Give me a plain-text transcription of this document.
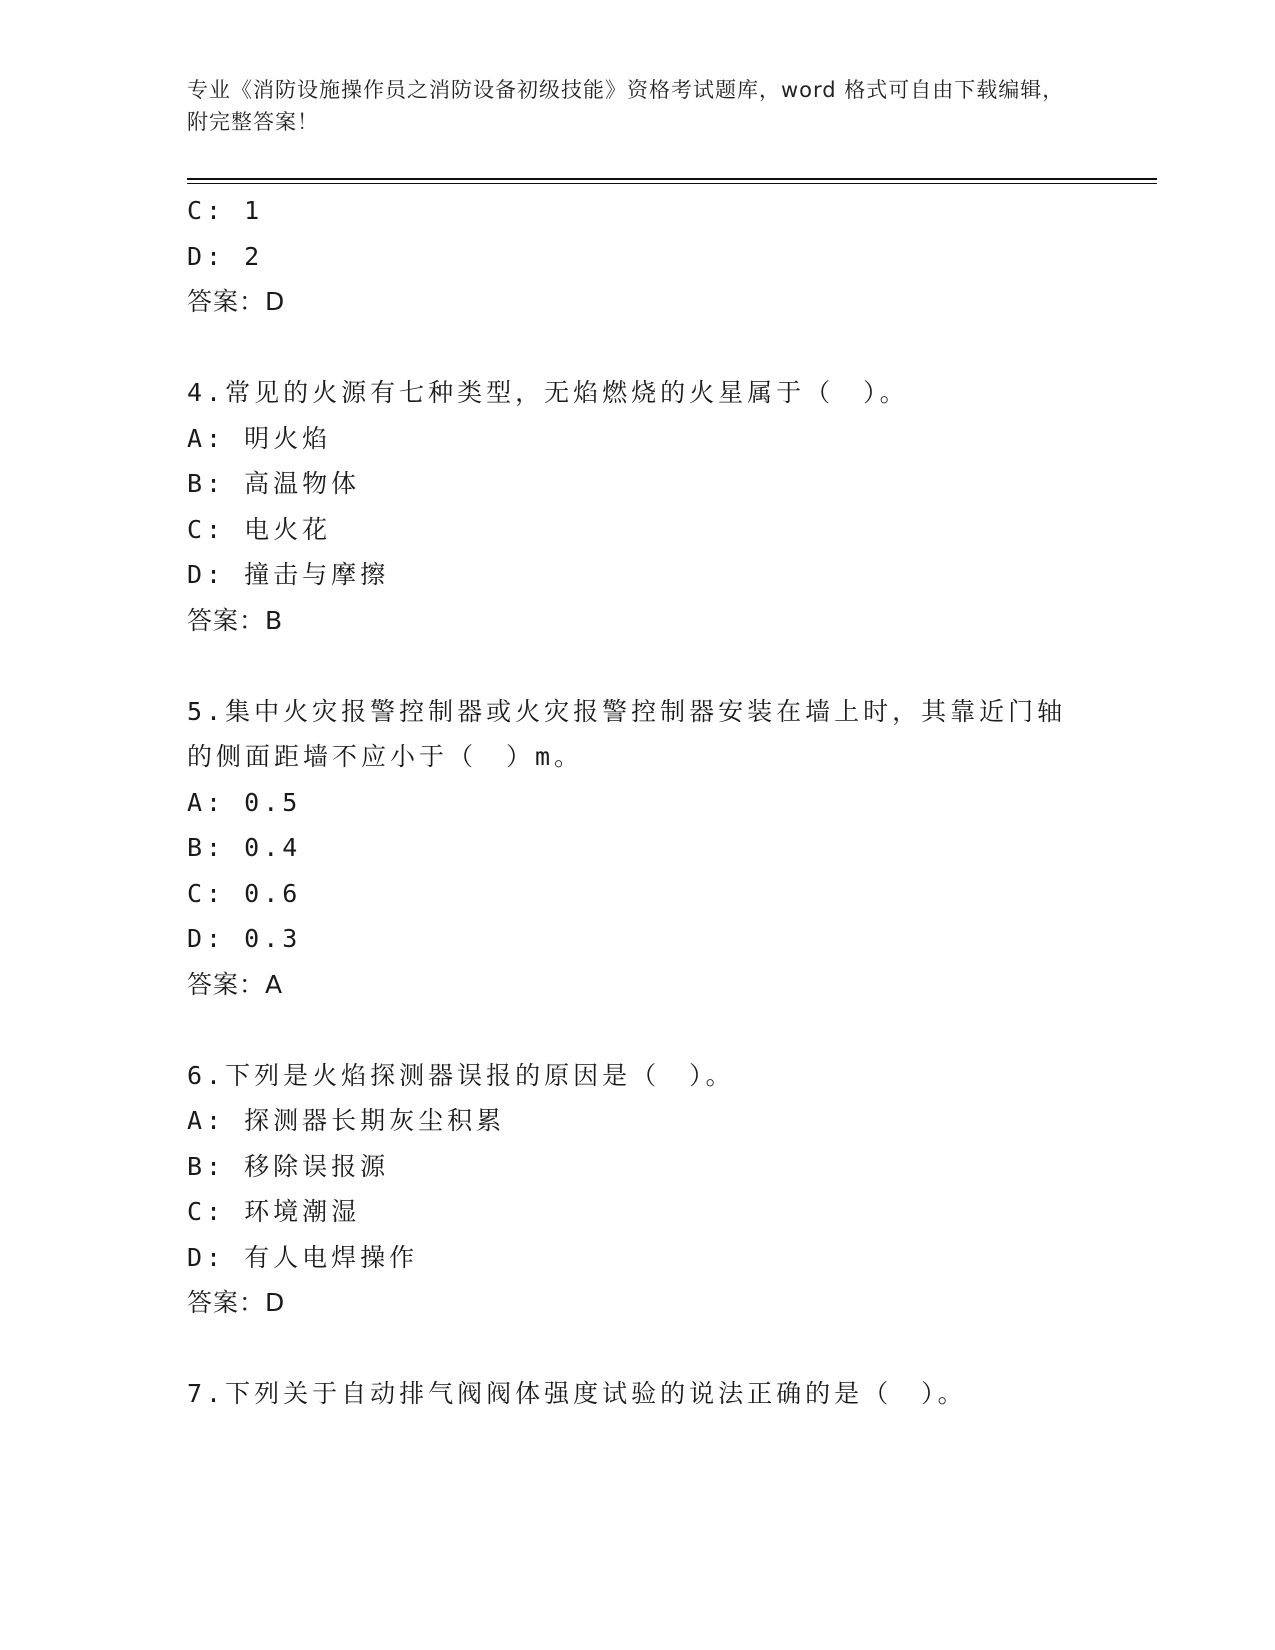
专业《消防设施操作员之消防设备初级技能》资格考试题库，word 格式可自由下载编辑，附完整答案！
C: 1
D: 2
答案：D
4.常见的火源有七种类型，无焰燃烧的火星属于（　）。
A: 明火焰
B: 高温物体
C: 电火花
D: 撞击与摩擦
答案：B
5.集中火灾报警控制器或火灾报警控制器安装在墙上时，其靠近门轴的侧面距墙不应小于（　）m。
A: 0.5
B: 0.4
C: 0.6
D: 0.3
答案：A
6.下列是火焰探测器误报的原因是（　）。
A: 探测器长期灰尘积累
B: 移除误报源
C: 环境潮湿
D: 有人电焊操作
答案：D
7.下列关于自动排气阀阀体强度试验的说法正确的是（　）。
